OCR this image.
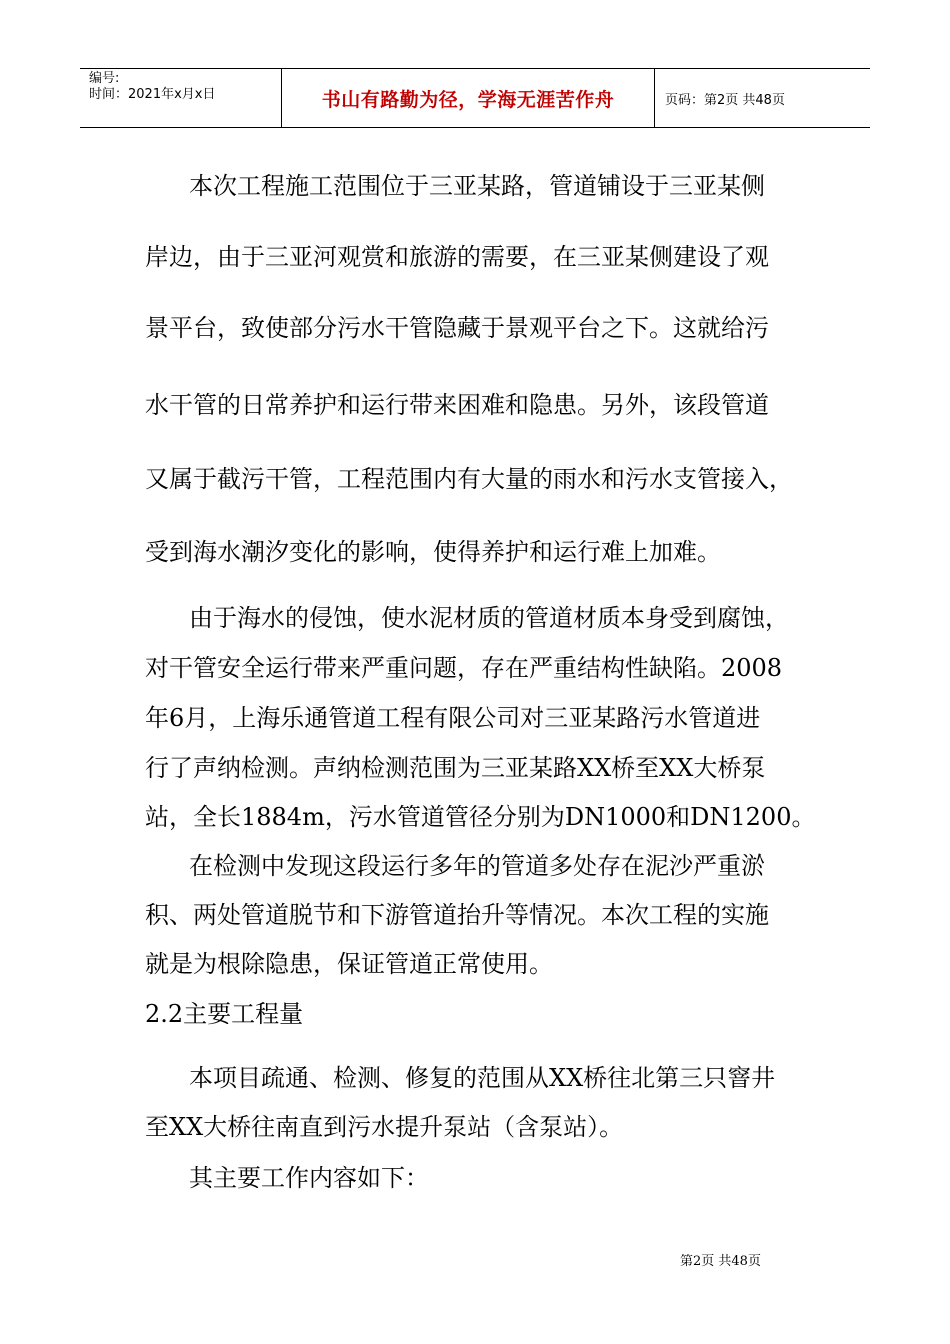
编号:
时间：2021年x月x日	书山有路勤为径，学海无涯苦作舟	页码：第2页 共48页
本次工程施工范围位于三亚某路，管道铺设于三亚某侧
岸边，由于三亚河观赏和旅游的需要，在三亚某侧建设了观
景平台，致使部分污水干管隐藏于景观平台之下。这就给污
水干管的日常养护和运行带来困难和隐患。另外，该段管道
又属于截污干管，工程范围内有大量的雨水和污水支管接入，
受到海水潮汐变化的影响，使得养护和运行难上加难。
由于海水的侵蚀，使水泥材质的管道材质本身受到腐蚀，
对干管安全运行带来严重问题，存在严重结构性缺陷。2008
年6月，上海乐通管道工程有限公司对三亚某路污水管道进
行了声纳检测。声纳检测范围为三亚某路XX桥至XX大桥泵
站，全长1884m，污水管道管径分别为DN1000和DN1200。
在检测中发现这段运行多年的管道多处存在泥沙严重淤
积、两处管道脱节和下游管道抬升等情况。本次工程的实施
就是为根除隐患，保证管道正常使用。
2.2主要工程量
本项目疏通、检测、修复的范围从XX桥往北第三只窨井
至XX大桥往南直到污水提升泵站（含泵站）。
其主要工作内容如下：
第2页 共48页
